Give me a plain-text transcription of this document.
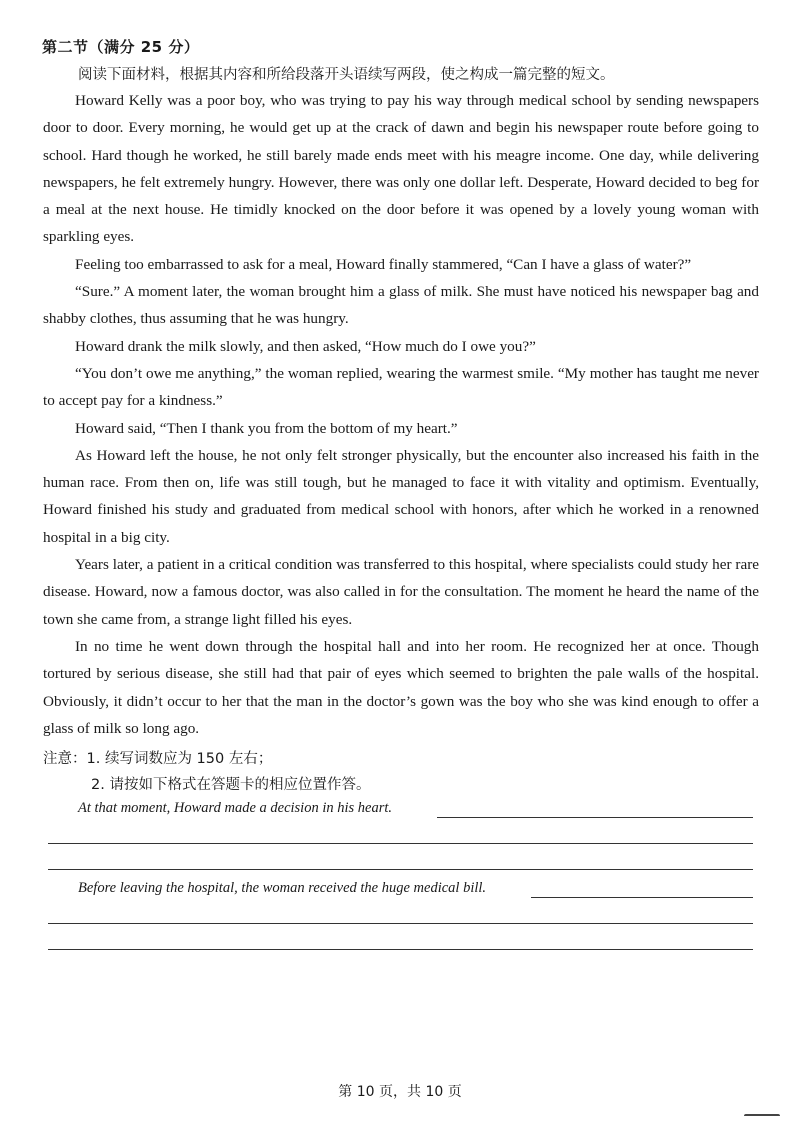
第二节（满分 25 分）
阅读下面材料，根据其内容和所给段落开头语续写两段，使之构成一篇完整的短文。

Howard Kelly was a poor boy, who was trying to pay his way through medical school by sending newspapers door to door. Every morning, he would get up at the crack of dawn and begin his newspaper route before going to school. Hard though he worked, he still barely made ends meet with his meagre income. One day, while delivering newspapers, he felt extremely hungry. However, there was only one dollar left. Desperate, Howard decided to beg for a meal at the next house. He timidly knocked on the door before it was opened by a lovely young woman with sparkling eyes.

Feeling too embarrassed to ask for a meal, Howard finally stammered, “Can I have a glass of water?”

“Sure.” A moment later, the woman brought him a glass of milk. She must have noticed his newspaper bag and shabby clothes, thus assuming that he was hungry.

Howard drank the milk slowly, and then asked, “How much do I owe you?”

“You don’t owe me anything,” the woman replied, wearing the warmest smile. “My mother has taught me never to accept pay for a kindness.”

Howard said, “Then I thank you from the bottom of my heart.”

As Howard left the house, he not only felt stronger physically, but the encounter also increased his faith in the human race. From then on, life was still tough, but he managed to face it with vitality and optimism. Eventually, Howard finished his study and graduated from medical school with honors, after which he worked in a renowned hospital in a big city.

Years later, a patient in a critical condition was transferred to this hospital, where specialists could study her rare disease. Howard, now a famous doctor, was also called in for the consultation. The moment he heard the name of the town she came from, a strange light filled his eyes.

In no time he went down through the hospital hall and into her room. He recognized her at once. Though tortured by serious disease, she still had that pair of eyes which seemed to brighten the pale walls of the hospital. Obviously, it didn’t occur to her that the man in the doctor’s gown was the boy who she was kind enough to offer a glass of milk so long ago.

注意：1. 续写词数应为 150 左右；
2. 请按如下格式在答题卡的相应位置作答。
At that moment, Howard made a decision in his heart.
Before leaving the hospital, the woman received the huge medical bill.
第 10 页，共 10 页
